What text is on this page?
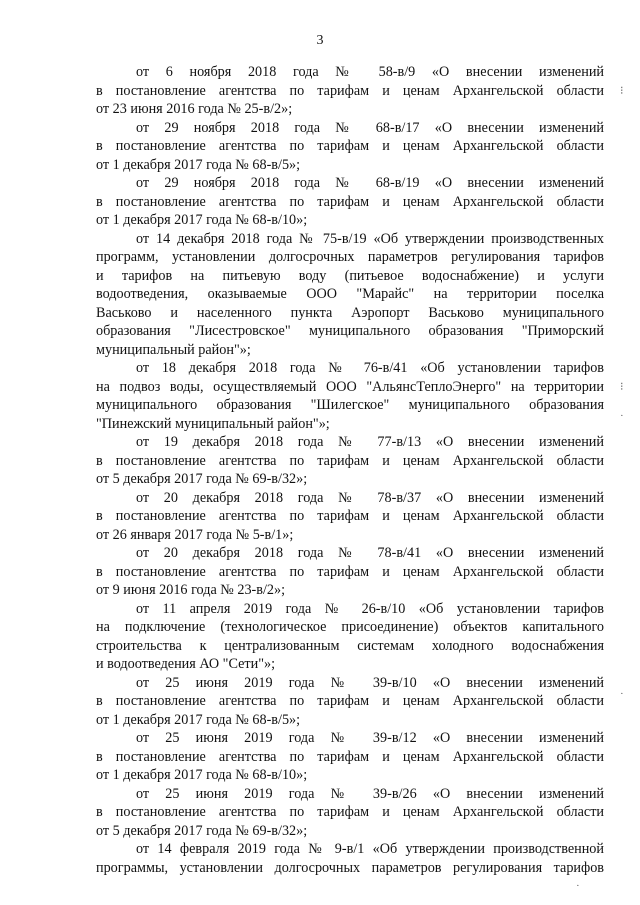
3
от 6 ноября 2018 года № 58-в/9 «О внесении изменений
в постановление агентства по тарифам и ценам Архангельской области
от 23 июня 2016 года № 25-в/2»;
от 29 ноября 2018 года № 68-в/17 «О внесении изменений
в постановление агентства по тарифам и ценам Архангельской области
от 1 декабря 2017 года № 68-в/5»;
от 29 ноября 2018 года № 68-в/19 «О внесении изменений
в постановление агентства по тарифам и ценам Архангельской области
от 1 декабря 2017 года № 68-в/10»;
от 14 декабря 2018 года № 75-в/19 «Об утверждении производственных
программ, установлении долгосрочных параметров регулирования тарифов
и тарифов на питьевую воду (питьевое водоснабжение) и услуги
водоотведения, оказываемые ООО "Марайс" на территории поселка
Васьково и населенного пункта Аэропорт Васьково муниципального
образования "Лисестровское" муниципального образования "Приморский
муниципальный район"»;
от 18 декабря 2018 года № 76-в/41 «Об установлении тарифов
на подвоз воды, осуществляемый ООО "АльянсТеплоЭнерго" на территории
муниципального образования "Шилегское" муниципального образования
"Пинежский муниципальный район"»;
от 19 декабря 2018 года № 77-в/13 «О внесении изменений
в постановление агентства по тарифам и ценам Архангельской области
от 5 декабря 2017 года № 69-в/32»;
от 20 декабря 2018 года № 78-в/37 «О внесении изменений
в постановление агентства по тарифам и ценам Архангельской области
от 26 января 2017 года № 5-в/1»;
от 20 декабря 2018 года № 78-в/41 «О внесении изменений
в постановление агентства по тарифам и ценам Архангельской области
от 9 июня 2016 года № 23-в/2»;
от 11 апреля 2019 года № 26-в/10 «Об установлении тарифов
на подключение (технологическое присоединение) объектов капитального
строительства к централизованным системам холодного водоснабжения
и водоотведения АО "Сети"»;
от 25 июня 2019 года № 39-в/10 «О внесении изменений
в постановление агентства по тарифам и ценам Архангельской области
от 1 декабря 2017 года № 68-в/5»;
от 25 июня 2019 года № 39-в/12 «О внесении изменений
в постановление агентства по тарифам и ценам Архангельской области
от 1 декабря 2017 года № 68-в/10»;
от 25 июня 2019 года № 39-в/26 «О внесении изменений
в постановление агентства по тарифам и ценам Архангельской области
от 5 декабря 2017 года № 69-в/32»;
от 14 февраля 2019 года № 9-в/1 «Об утверждении производственной
программы, установлении долгосрочных параметров регулирования тарифов
⁝
⁝
·
·
·
